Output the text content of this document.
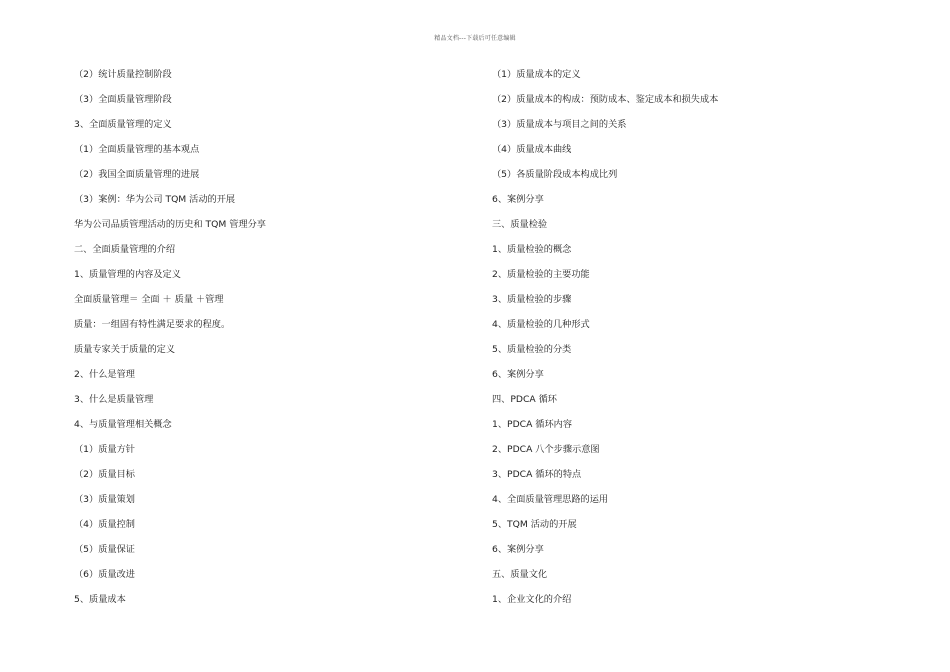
精品文档---下载后可任意编辑
（2）统计质量控制阶段
（3）全面质量管理阶段
3、全面质量管理的定义
（1）全面质量管理的基本观点
（2）我国全面质量管理的进展
（3）案例：华为公司 TQM 活动的开展
华为公司品质管理活动的历史和 TQM 管理分享
二、全面质量管理的介绍
1、质量管理的内容及定义
全面质量管理＝ 全面 ＋ 质量 ＋管理
质量：一组固有特性满足要求的程度。
质量专家关于质量的定义
2、什么是管理
3、什么是质量管理
4、与质量管理相关概念
（1）质量方针
（2）质量目标
（3）质量策划
（4）质量控制
（5）质量保证
（6）质量改进
5、质量成本
（1）质量成本的定义
（2）质量成本的构成：预防成本、鉴定成本和损失成本
（3）质量成本与项目之间的关系
（4）质量成本曲线
（5）各质量阶段成本构成比列
6、案例分享
三、质量检验
1、质量检验的概念
2、质量检验的主要功能
3、质量检验的步骤
4、质量检验的几种形式
5、质量检验的分类
6、案例分享
四、PDCA 循环
1、PDCA 循环内容
2、PDCA 八个步骤示意图
3、PDCA 循环的特点
4、全面质量管理思路的运用
5、TQM 活动的开展
6、案例分享
五、质量文化
1、企业文化的介绍
